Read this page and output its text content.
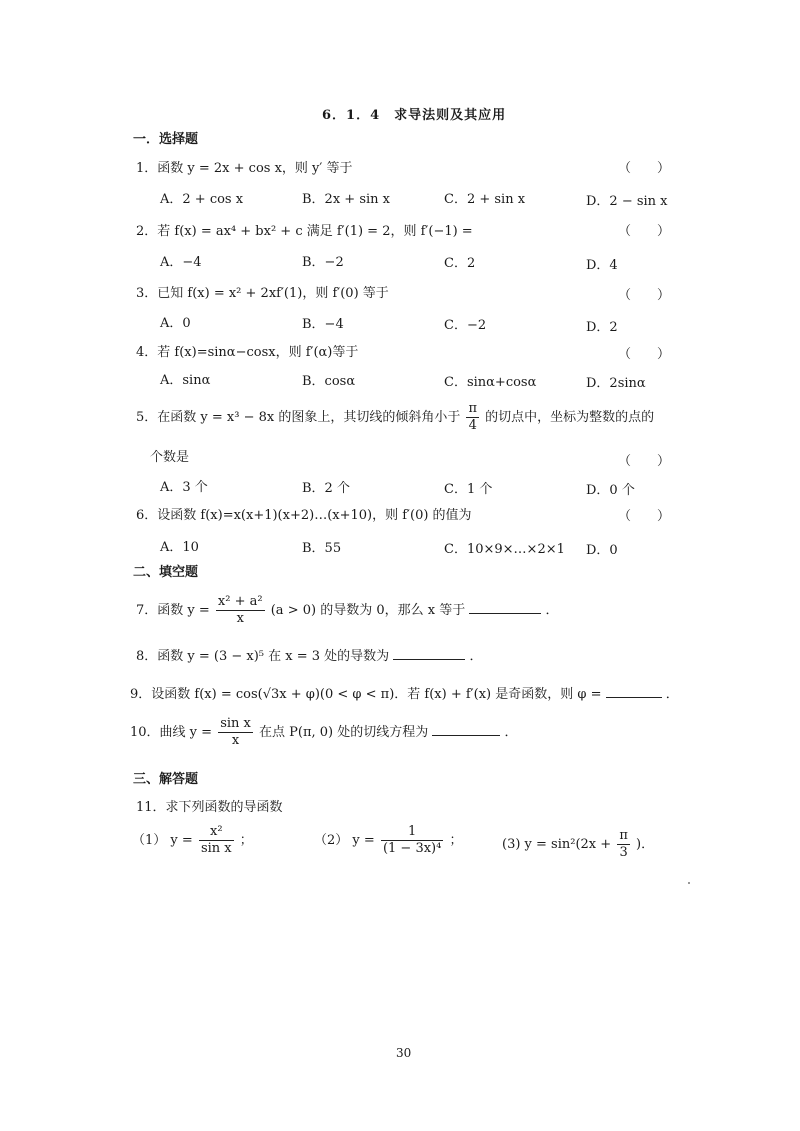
6．1．4　求导法则及其应用
一．选择题
1．函数 y = 2x + cos x，则 y′ 等于	（　　）
A．2 + cos x	B．2x + sin x	C．2 + sin x	D．2 − sin x
2．若 f(x) = ax⁴ + bx² + c 满足 f′(1) = 2，则 f′(−1) =	（　　）
A．−4	B．−2	C．2	D．4
3．已知 f(x) = x² + 2xf′(1)，则 f′(0) 等于	（　　）
A．0	B．−4	C．−2	D．2
4．若 f(x)=sinα−cosx，则 f′(α)等于	（　　）
A．sinα	B．cosα	C．sinα+cosα	D．2sinα
5．在函数 y = x³ − 8x 的图象上，其切线的倾斜角小于 $\frac{\pi}{4}$ 的切点中，坐标为整数的点的
个数是	（　　）
A．3 个	B．2 个	C．1 个	D．0 个
6．设函数 f(x)=x(x+1)(x+2)…(x+10)，则 f′(0) 的值为	（　　）
A．10	B．55	C．10×9×…×2×1 D．0
二、填空题
7．函数 $y = \frac{\text{x² + a²}}{x} (a > 0)$ 的导数为 0，那么 x 等于	．
8．函数 y = (3 − x)⁵ 在 x = 3 处的导数为	．
9．设函数 f(x) = cos(√3x + φ)(0 < φ < π)．若 f(x) + f′(x) 是奇函数，则 φ =	．
10．曲线 $y = \frac{\text{sin x}}{x}$ 在点 P(π, 0) 处的切线方程为	．
三、解答题
11．求下列函数的导函数
（1） $y = \frac{\text{x²}}{\text{sin x}}$ ；	（2） $y = \frac{1}{\text{(1 − 3x)⁴}}$ ；	(3) $y = \sin^2(2x + \frac{\pi}{3}$ )．
30
